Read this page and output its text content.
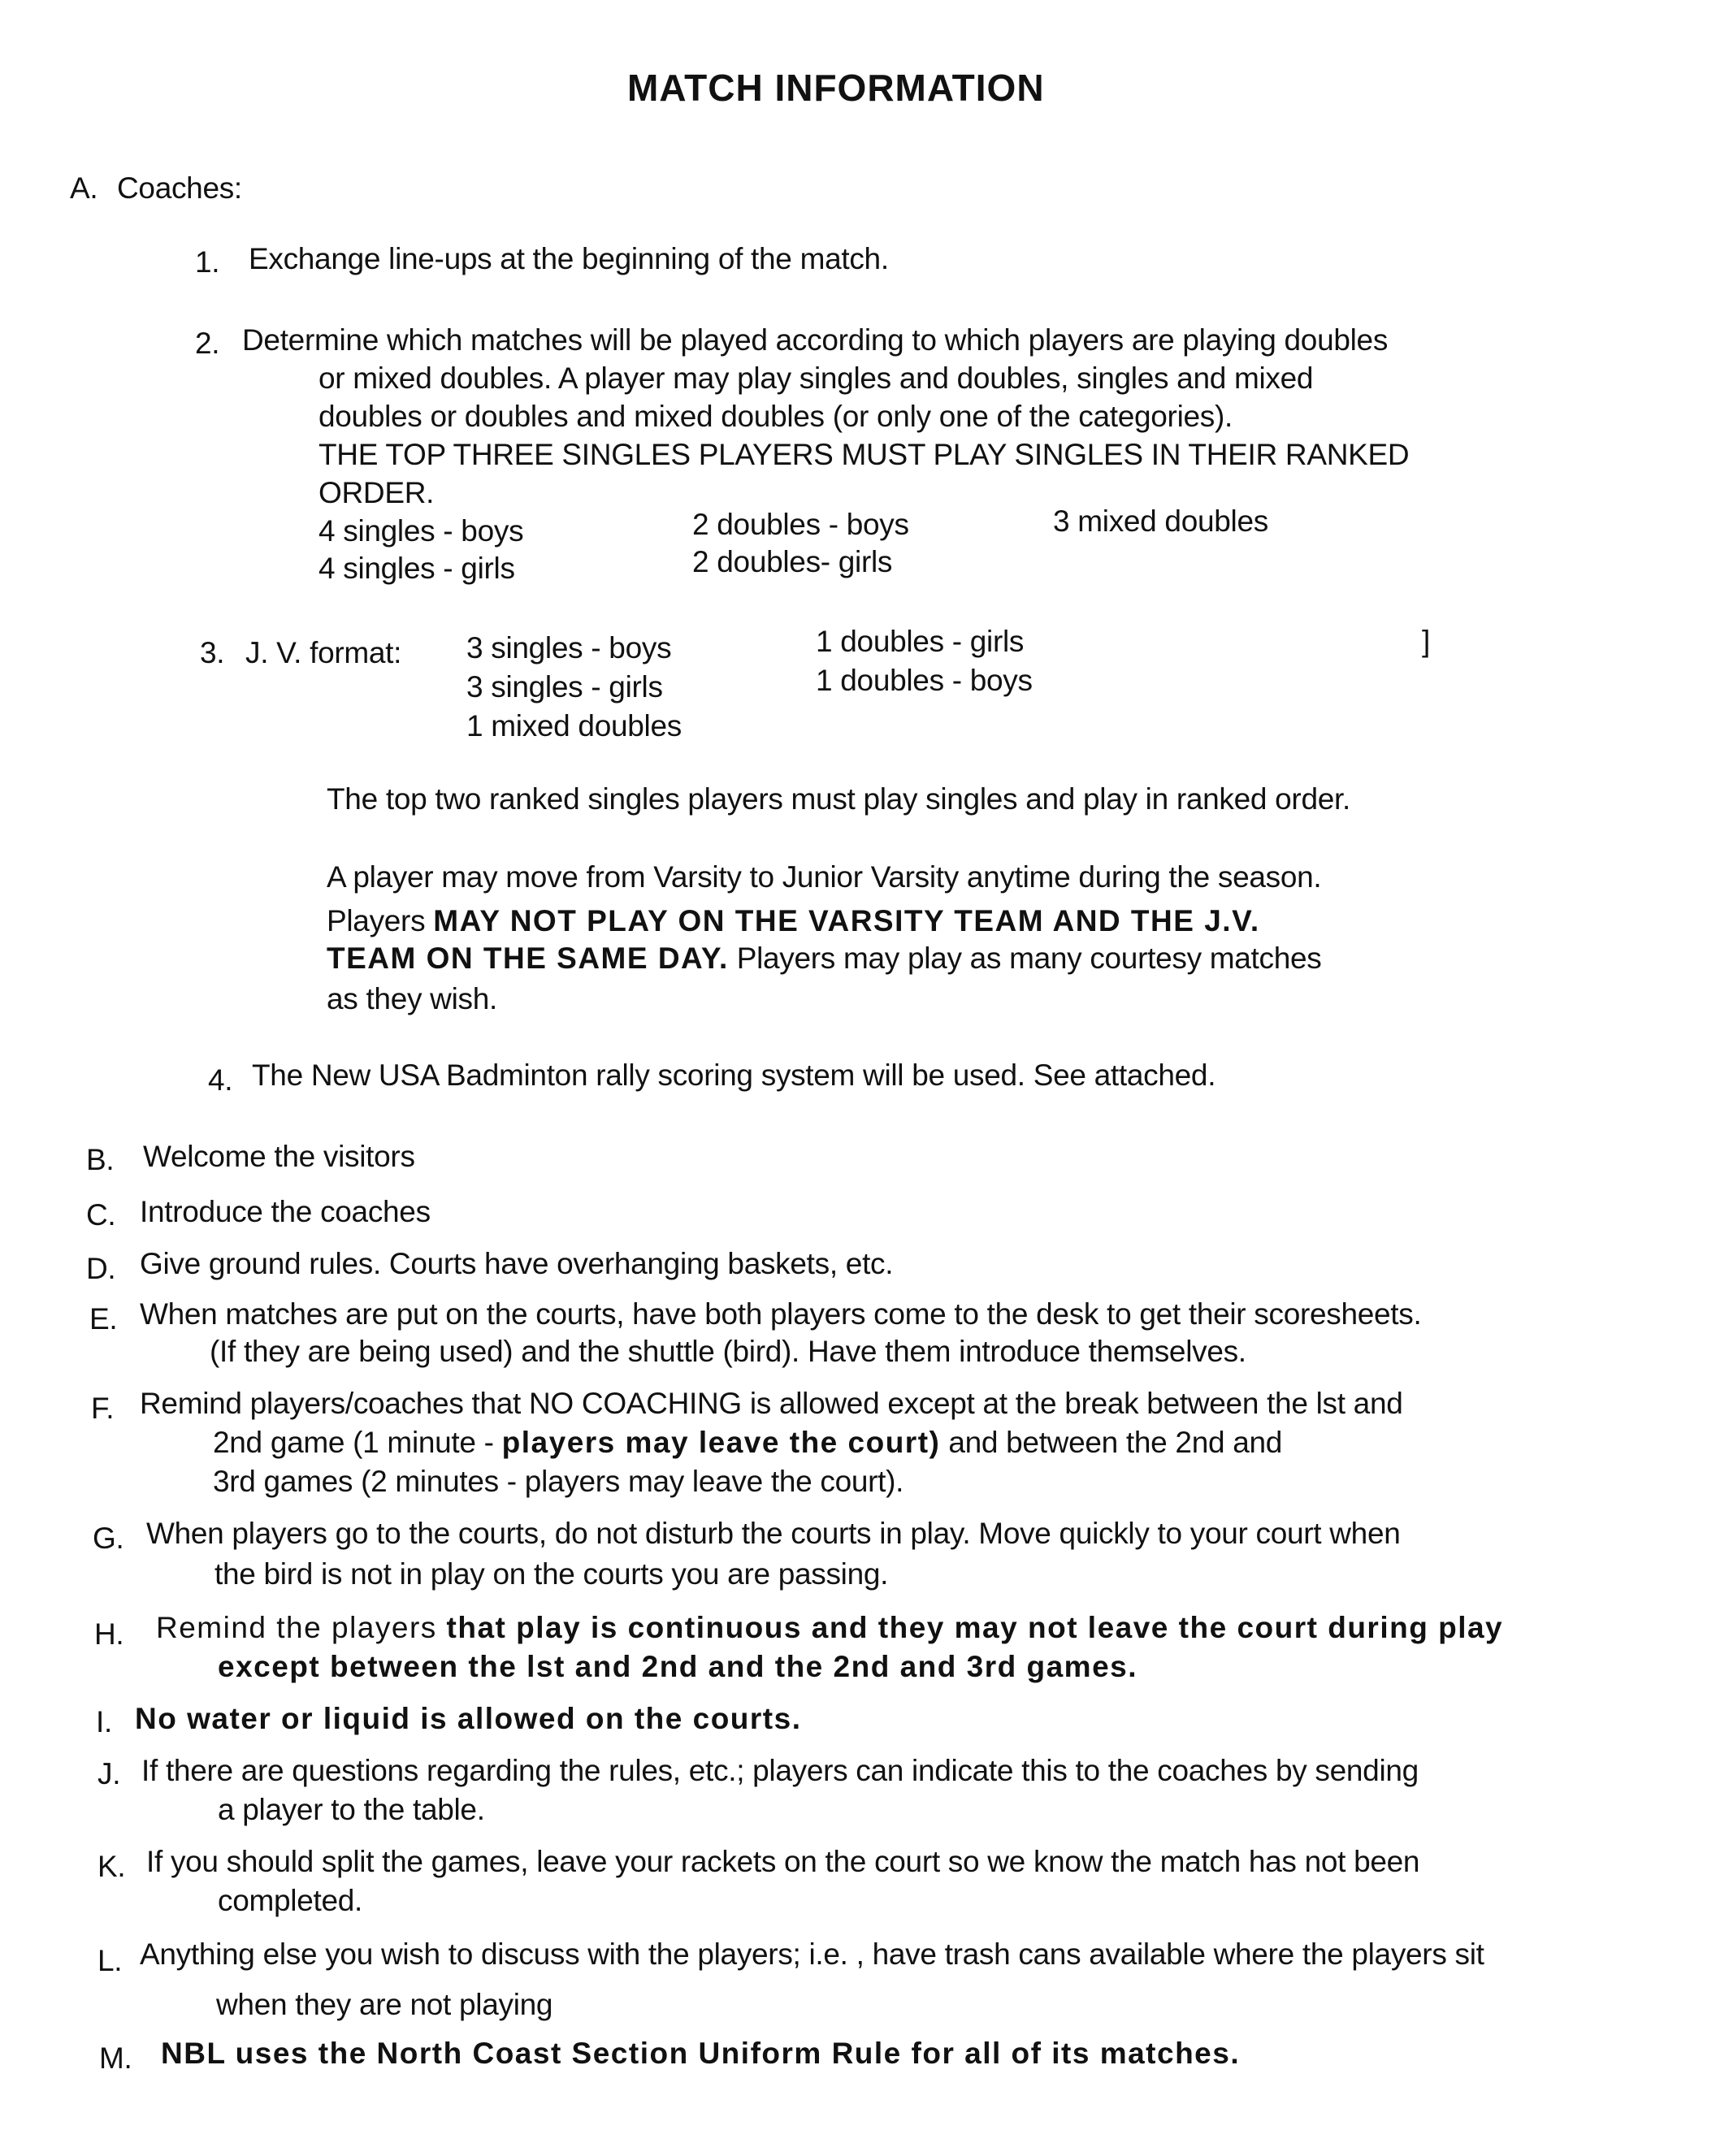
MATCH INFORMATION
A. Coaches:
1. Exchange line-ups at the beginning of the match.
2. Determine which matches will be played according to which players are playing doubles
or mixed doubles. A player may play singles and doubles, singles and mixed
doubles or doubles and mixed doubles (or only one of the categories).
THE TOP THREE SINGLES PLAYERS MUST PLAY SINGLES IN THEIR RANKED
ORDER.
4 singles - boys
4 singles - girls
2 doubles - boys
2 doubles- girls
3 mixed doubles
3. J. V. format: 3 singles - boys
3 singles - girls
1 mixed doubles
1 doubles - girls
1 doubles - boys
]
The top two ranked singles players must play singles and play in ranked order.
A player may move from Varsity to Junior Varsity anytime during the season.
Players MAY NOT PLAY ON THE VARSITY TEAM AND THE J.V.
TEAM ON THE SAME DAY. Players may play as many courtesy matches
as they wish.
4. The New USA Badminton rally scoring system will be used. See attached.
B. Welcome the visitors
C. Introduce the coaches
D. Give ground rules. Courts have overhanging baskets, etc.
E. When matches are put on the courts, have both players come to the desk to get their scoresheets.
(If they are being used) and the shuttle (bird). Have them introduce themselves.
F. Remind players/coaches that NO COACHING is allowed except at the break between the lst and
2nd game (1 minute - players may leave the court) and between the 2nd and
3rd games (2 minutes - players may leave the court).
G. When players go to the courts, do not disturb the courts in play. Move quickly to your court when
the bird is not in play on the courts you are passing.
H. Remind the players that play is continuous and they may not leave the court during play
except between the lst and 2nd and the 2nd and 3rd games.
I. No water or liquid is allowed on the courts.
J. If there are questions regarding the rules, etc.; players can indicate this to the coaches by sending
a player to the table.
K. If you should split the games, leave your rackets on the court so we know the match has not been
completed.
L. Anything else you wish to discuss with the players; i.e. , have trash cans available where the players sit
when they are not playing
M. NBL uses the North Coast Section Uniform Rule for all of its matches.
